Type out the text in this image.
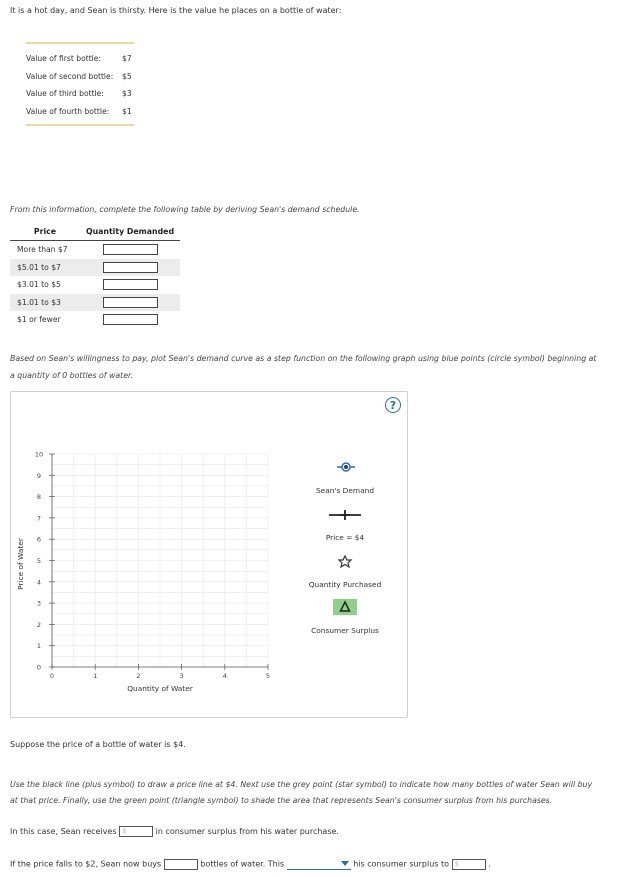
It is a hot day, and Sean is thirsty. Here is the value he places on a bottle of water:
Value of first bottle:	$7
Value of second bottle:	$5
Value of third bottle:	$3
Value of fourth bottle:	$1
From this information, complete the following table by deriving Sean's demand schedule.
Price	Quantity Demanded
More than $7
$5.01 to $7
$3.01 to $5
$1.01 to $3
$1 or fewer
Based on Sean's willingness to pay, plot Sean's demand curve as a step function on the following graph using blue points (circle symbol) beginning at
a quantity of 0 bottles of water.
?
0	1	2	3	4	5
0
1
2
3
4
5
6
7
8
9
10
Quantity of Water
Price of Water
Sean's Demand
Price = $4
Quantity Purchased
Consumer Surplus
Suppose the price of a bottle of water is $4.
Use the black line (plus symbol) to draw a price line at $4. Next use the grey point (star symbol) to indicate how many bottles of water Sean will buy
at that price. Finally, use the green point (triangle symbol) to shade the area that represents Sean's consumer surplus from his purchases.
In this case, Sean receives $	in consumer surplus from his water purchase.
If the price falls to $2, Sean now buys	bottles of water. This	his consumer surplus to $	.
